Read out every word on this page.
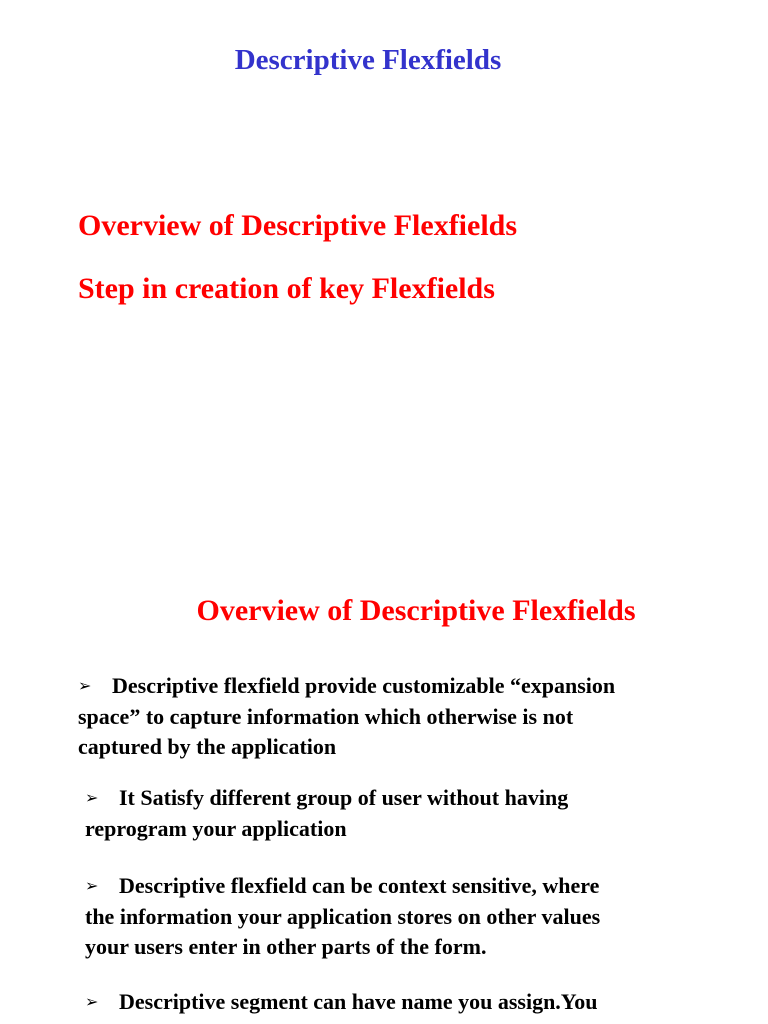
Descriptive Flexfields
Overview of Descriptive Flexfields
Step in creation of key Flexfields
Overview of Descriptive Flexfields
➢ Descriptive flexfield provide customizable “expansion
space” to capture information which otherwise is not
captured by the application
➢ It Satisfy different group of user without having
reprogram your application
➢ Descriptive flexfield can be context sensitive, where
the information your application stores on other values
your users enter in other parts of the form.
➢ Descriptive segment can have name you assign.You
